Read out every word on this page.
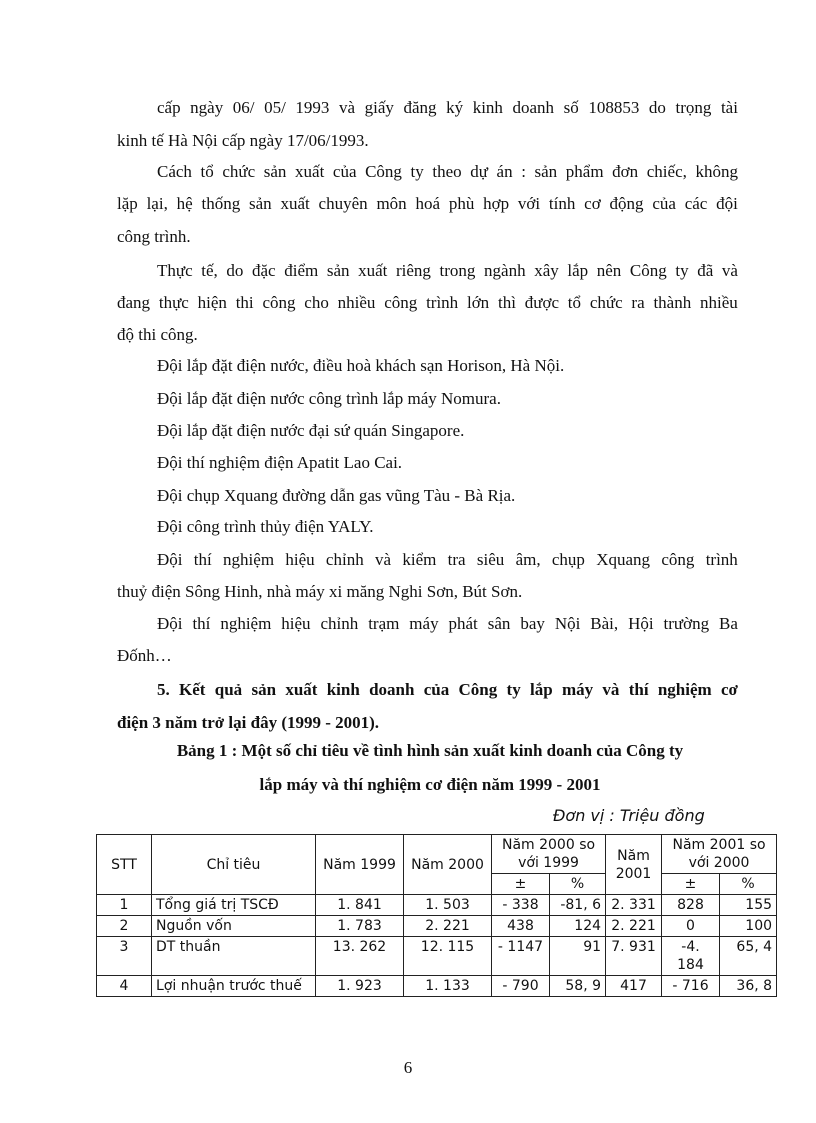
cấp ngày 06/ 05/ 1993 và giấy đăng ký kinh doanh số 108853 do trọng tài
kinh tế Hà Nội cấp ngày 17/06/1993.
Cách tổ chức sản xuất của Công ty theo dự án : sản phẩm đơn chiếc, không
lặp lại, hệ thống sản xuất chuyên môn hoá phù hợp với tính cơ động của các đội
công trình.
Thực tế, do đặc điểm sản xuất riêng trong ngành xây lắp nên Công ty đã và
đang thực hiện thi công cho nhiều công trình lớn thì được tổ chức ra thành nhiều
độ thi công.
Đội lắp đặt điện nước, điều hoà khách sạn Horison, Hà Nội.
Đội lắp đặt điện nước công trình lắp máy Nomura.
Đội lắp đặt điện nước đại sứ quán Singapore.
Đội thí nghiệm điện Apatit Lao Cai.
Đội chụp Xquang đường dẫn gas vũng Tàu - Bà Rịa.
Đội công trình thủy điện YALY.
Đội thí nghiệm hiệu chỉnh và kiểm tra siêu âm, chụp Xquang công trình
thuỷ điện Sông Hinh, nhà máy xi măng Nghi Sơn, Bút Sơn.
Đội thí nghiệm hiệu chỉnh trạm máy phát sân bay Nội Bài, Hội trường Ba
Đốnh…
5. Kết quả sản xuất kinh doanh của Công ty lắp máy và thí nghiệm cơ
điện 3 năm trở lại đây (1999 - 2001).
Bảng 1 : Một số chỉ tiêu về tình hình sản xuất kinh doanh của Công ty
lắp máy và thí nghiệm cơ điện năm 1999 - 2001
Đơn vị : Triệu đồng
STT	Chỉ tiêu	Năm 1999	Năm 2000	Năm 2000 so với 1999		Năm 2001	Năm 2001 so với 2000	
				±	%		±	%
1	Tổng giá trị TSCĐ	1. 841	1. 503	- 338	-81, 6	2. 331	828	155
2	Nguồn vốn	1. 783	2. 221	438	124	2. 221	0	100
3	DT thuần	13. 262	12. 115	- 1147	91	7. 931	-4. 184	65, 4
4	Lợi nhuận trước thuế	1. 923	1. 133	- 790	58, 9	417	- 716	36, 8
6
